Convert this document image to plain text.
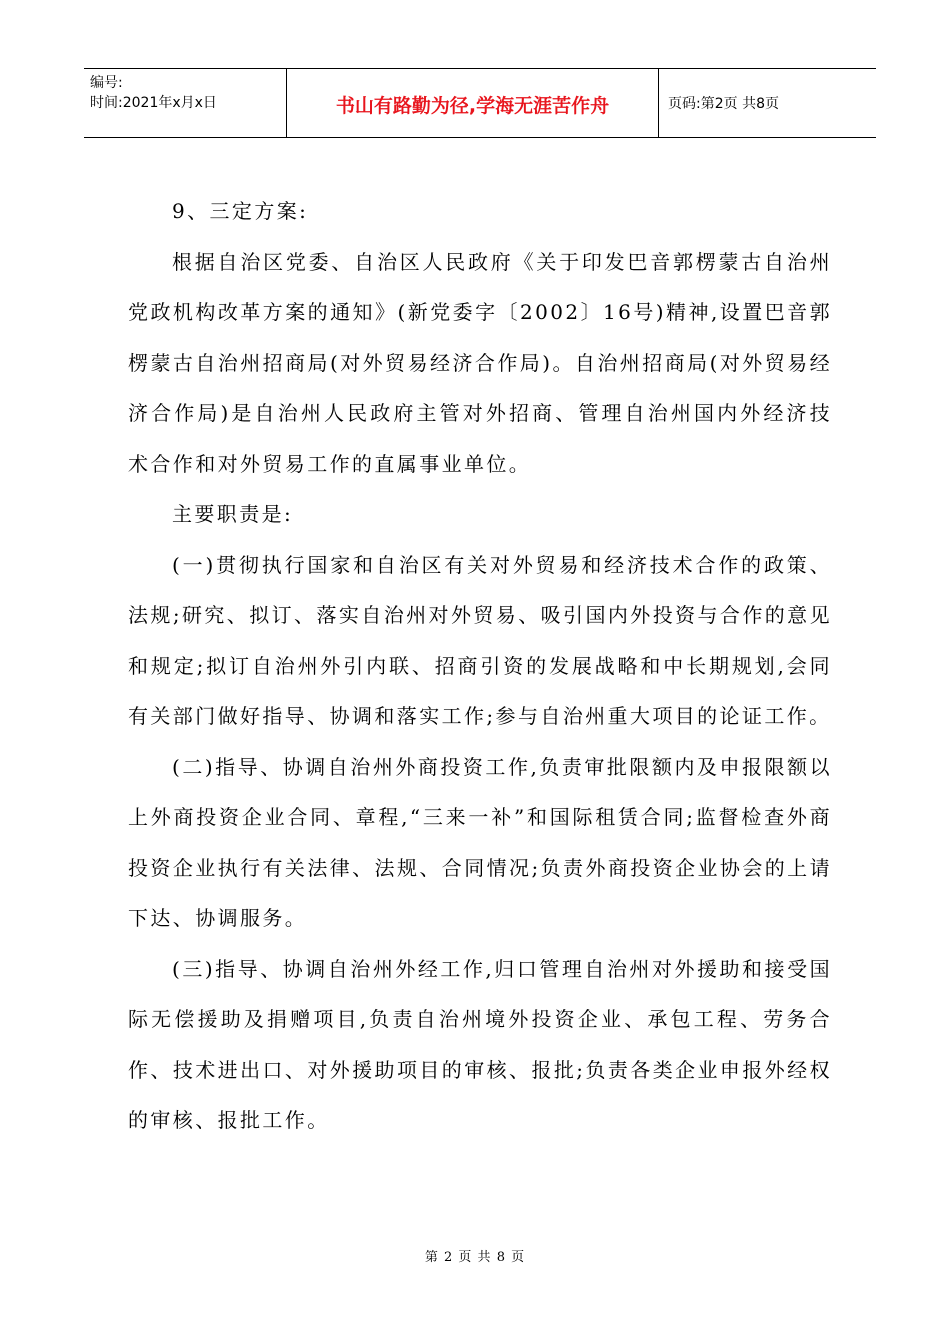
编号:
时间:2021年x月x日	书山有路勤为径,学海无涯苦作舟	页码:第2页 共8页

9、三定方案:

根据自治区党委、自治区人民政府《关于印发巴音郭楞蒙古自治州党政机构改革方案的通知》(新党委字〔2002〕16号)精神,设置巴音郭楞蒙古自治州招商局(对外贸易经济合作局)。自治州招商局(对外贸易经济合作局)是自治州人民政府主管对外招商、管理自治州国内外经济技术合作和对外贸易工作的直属事业单位。

主要职责是:

(一)贯彻执行国家和自治区有关对外贸易和经济技术合作的政策、法规;研究、拟订、落实自治州对外贸易、吸引国内外投资与合作的意见和规定;拟订自治州外引内联、招商引资的发展战略和中长期规划,会同有关部门做好指导、协调和落实工作;参与自治州重大项目的论证工作。

(二)指导、协调自治州外商投资工作,负责审批限额内及申报限额以上外商投资企业合同、章程,“三来一补”和国际租赁合同;监督检查外商投资企业执行有关法律、法规、合同情况;负责外商投资企业协会的上请下达、协调服务。

(三)指导、协调自治州外经工作,归口管理自治州对外援助和接受国际无偿援助及捐赠项目,负责自治州境外投资企业、承包工程、劳务合作、技术进出口、对外援助项目的审核、报批;负责各类企业申报外经权的审核、报批工作。

第 2 页 共 8 页
